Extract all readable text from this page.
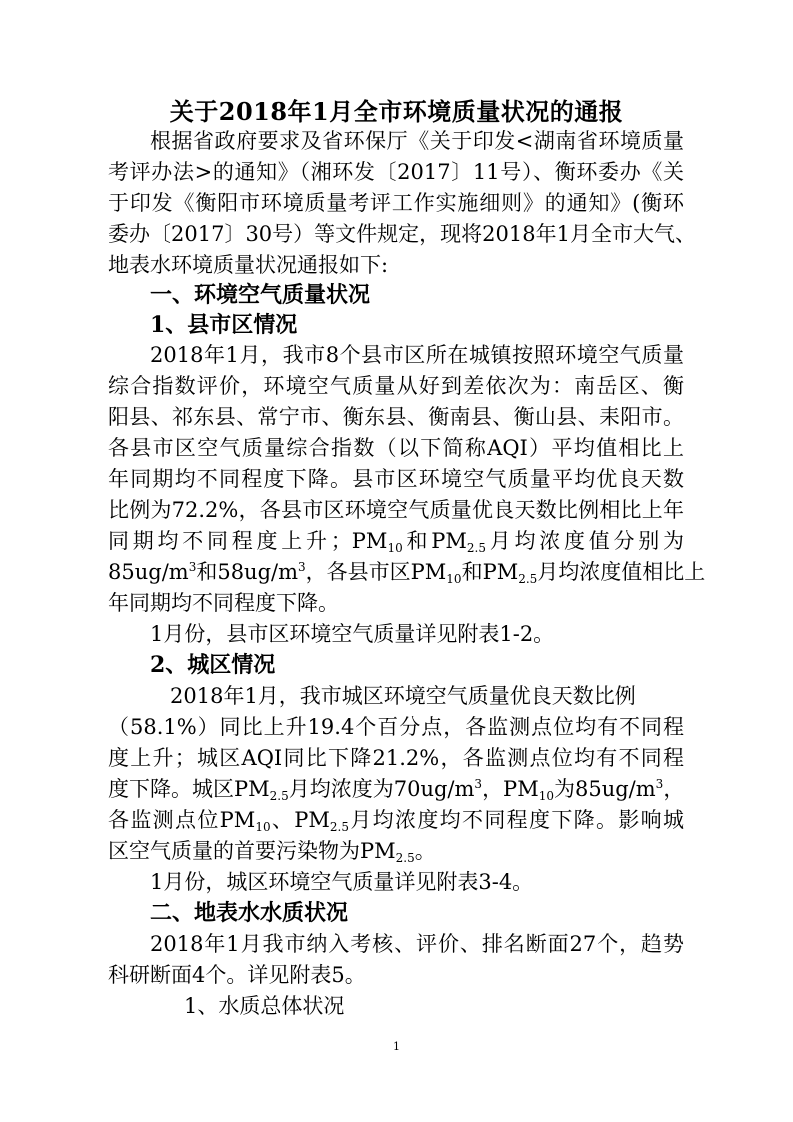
关于2018年1月全市环境质量状况的通报
根据省政府要求及省环保厅《关于印发<湖南省环境质量
考评办法>的通知》（湘环发〔2017〕11号）、衡环委办《关
于印发《衡阳市环境质量考评工作实施细则》的通知》(衡环
委办〔2017〕30号）等文件规定，现将2018年1月全市大气、
地表水环境质量状况通报如下:
一、环境空气质量状况
1、县市区情况
2018年1月，我市8个县市区所在城镇按照环境空气质量
综合指数评价，环境空气质量从好到差依次为：南岳区、衡
阳县、祁东县、常宁市、衡东县、衡南县、衡山县、耒阳市。
各县市区空气质量综合指数（以下简称AQI）平均值相比上
年同期均不同程度下降。县市区环境空气质量平均优良天数
比例为72.2%，各县市区环境空气质量优良天数比例相比上年
同期均不同程度上升；$PM_{10}$和$PM_{2.5}$月均浓度值分别为
$85ug/m^3$和$58ug/m^3$，各县市区$PM_{10}$和$PM_{2.5}$月均浓度值相比上
年同期均不同程度下降。
1月份，县市区环境空气质量详见附表1-2。
2、城区情况
2018年1月，我市城区环境空气质量优良天数比例
（58.1%）同比上升19.4个百分点，各监测点位均有不同程
度上升；城区AQI同比下降21.2%，各监测点位均有不同程
度下降。城区$PM_{2.5}$月均浓度为$70ug/m^3$，$PM_{10}$为$85ug/m^3$，
各监测点位$PM_{10}$、$PM_{2.5}$月均浓度均不同程度下降。影响城
区空气质量的首要污染物为$PM_{2.5}$。
1月份，城区环境空气质量详见附表3-4。
二、地表水水质状况
2018年1月我市纳入考核、评价、排名断面27个，趋势
科研断面4个。详见附表5。
1、水质总体状况
1
